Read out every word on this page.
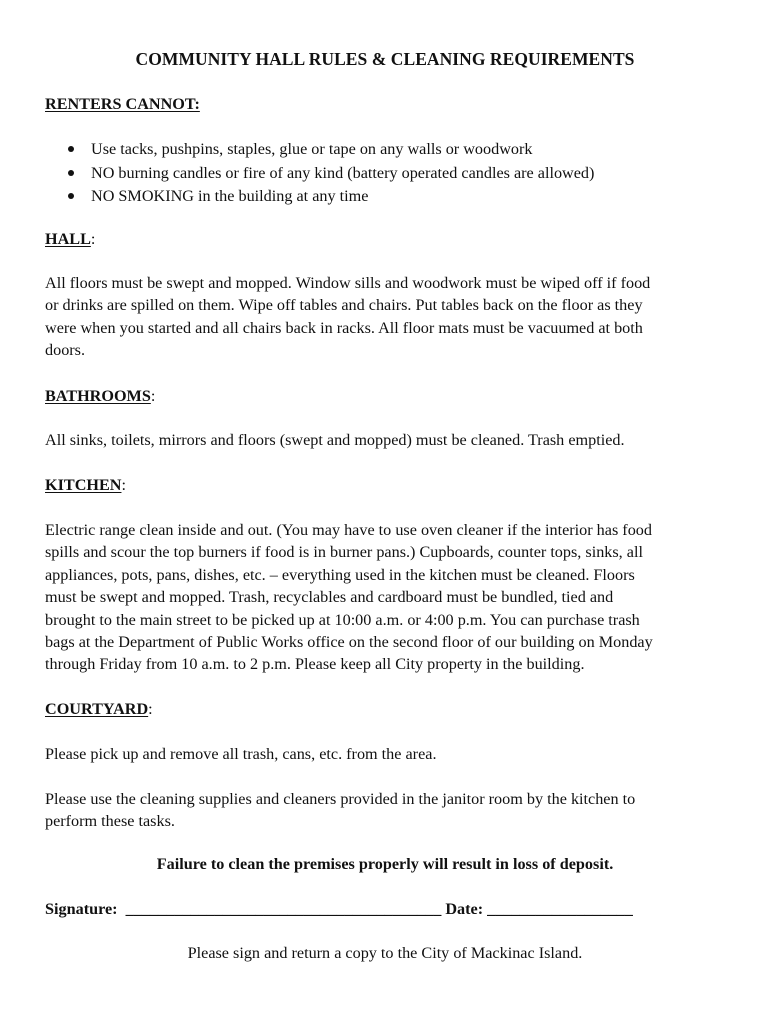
COMMUNITY HALL RULES & CLEANING REQUIREMENTS
RENTERS CANNOT:
Use tacks, pushpins, staples, glue or tape on any walls or woodwork
NO burning candles or fire of any kind (battery operated candles are allowed)
NO SMOKING in the building at any time
HALL:
All floors must be swept and mopped. Window sills and woodwork must be wiped off if food
or drinks are spilled on them. Wipe off tables and chairs. Put tables back on the floor as they
were when you started and all chairs back in racks. All floor mats must be vacuumed at both
doors.
BATHROOMS:
All sinks, toilets, mirrors and floors (swept and mopped) must be cleaned. Trash emptied.
KITCHEN:
Electric range clean inside and out. (You may have to use oven cleaner if the interior has food
spills and scour the top burners if food is in burner pans.) Cupboards, counter tops, sinks, all
appliances, pots, pans, dishes, etc. – everything used in the kitchen must be cleaned. Floors
must be swept and mopped. Trash, recyclables and cardboard must be bundled, tied and
brought to the main street to be picked up at 10:00 a.m. or 4:00 p.m. You can purchase trash
bags at the Department of Public Works office on the second floor of our building on Monday
through Friday from 10 a.m. to 2 p.m. Please keep all City property in the building.
COURTYARD:
Please pick up and remove all trash, cans, etc. from the area.
Please use the cleaning supplies and cleaners provided in the janitor room by the kitchen to
perform these tasks.
Failure to clean the premises properly will result in loss of deposit.
Signature: _______________________________________ Date: __________________
Please sign and return a copy to the City of Mackinac Island.
